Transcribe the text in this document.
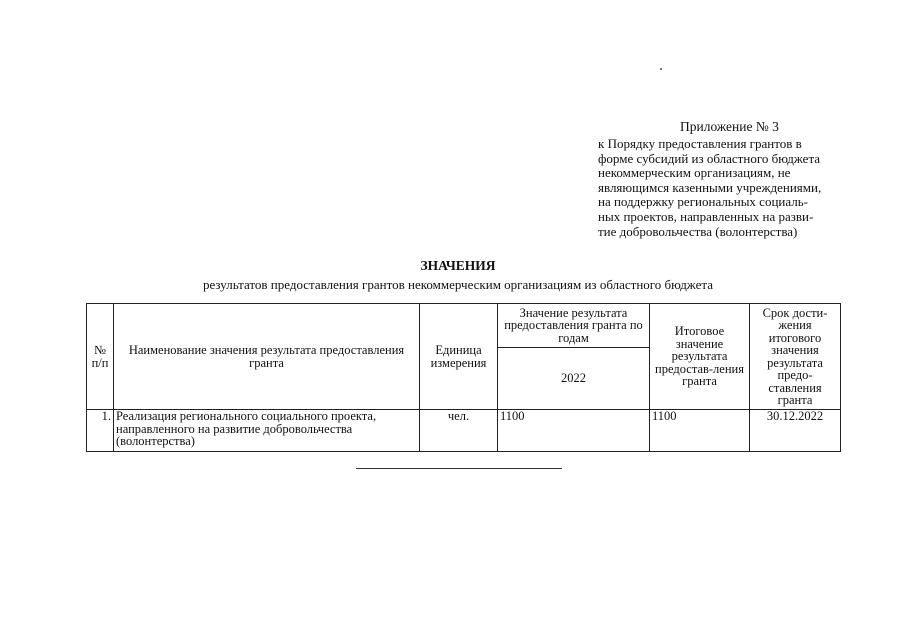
Приложение № 3
к Порядку предоставления грантов в
форме субсидий из областного бюджета
некоммерческим организациям, не
являющимся казенными учреждениями,
на поддержку региональных социаль-
ных проектов, направленных на разви-
тие добровольчества (волонтерства)
ЗНАЧЕНИЯ
результатов предоставления грантов некоммерческим организациям из областного бюджета
№ п/п	Наименование значения результата предоставления гранта	Единица измерения	Значение результата предоставления гранта по годам	Итоговое значение результата предостав-ления гранта	Срок дости-жения итогового значения результата предо-ставления гранта
			2022		
1.	Реализация регионального социального проекта, направленного на развитие добровольчества (волонтерства)	чел.	1100	1100	30.12.2022
